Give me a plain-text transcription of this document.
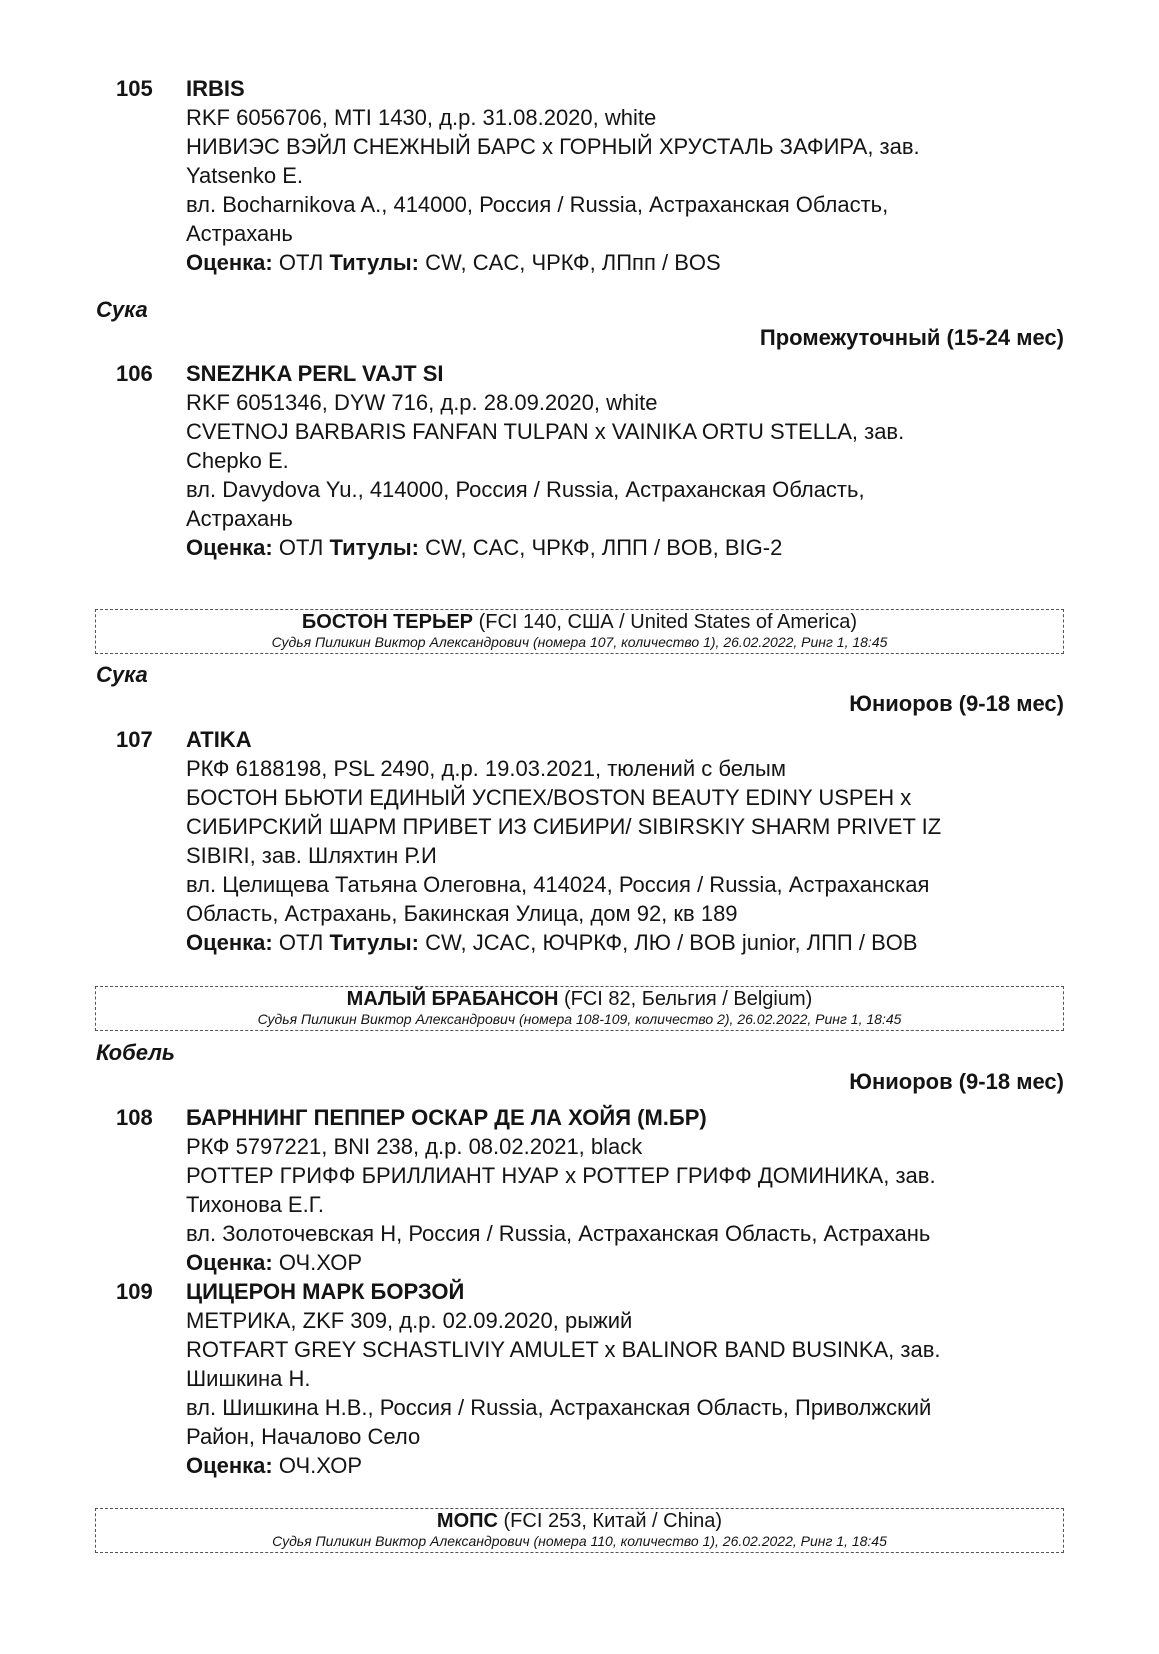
105 IRBIS
RKF 6056706, MTI 1430, д.р. 31.08.2020, white
НИВИЭС ВЭЙЛ СНЕЖНЫЙ БАРС х ГОРНЫЙ ХРУСТАЛЬ ЗАФИРА, зав.
Yatsenko E.
вл. Bocharnikova A., 414000, Россия / Russia, Астраханская Область,
Астрахань
Оценка: ОТЛ Титулы: CW, CAC, ЧРКФ, ЛПпп / BOS
Сука
Промежуточный (15-24 мес)
106 SNEZHKA PERL VAJT SI
RKF 6051346, DYW 716, д.р. 28.09.2020, white
CVETNOJ BARBARIS FANFAN TULPAN x VAINIKA ORTU STELLA, зав.
Chepko E.
вл. Davydova Yu., 414000, Россия / Russia, Астраханская Область,
Астрахань
Оценка: ОТЛ Титулы: CW, CAC, ЧРКФ, ЛПП / BOB, BIG-2
БОСТОН ТЕРЬЕР (FCI 140, США / United States of America)
Судья Пиликин Виктор Александрович (номера 107, количество 1), 26.02.2022, Ринг 1, 18:45
Сука
Юниоров (9-18 мес)
107 ATIKA
РКФ 6188198, PSL 2490, д.р. 19.03.2021, тюлений с белым
БОСТОН БЬЮТИ ЕДИНЫЙ УСПЕХ/BOSTON BEAUTY EDINY USPEH x
СИБИРСКИЙ ШАРМ ПРИВЕТ ИЗ СИБИРИ/ SIBIRSKIY SHARM PRIVET IZ
SIBIRI, зав. Шляхтин Р.И
вл. Целищева Татьяна Олеговна, 414024, Россия / Russia, Астраханская
Область, Астрахань, Бакинская Улица, дом 92, кв 189
Оценка: ОТЛ Титулы: CW, JCAC, ЮЧРКФ, ЛЮ / BOB junior, ЛПП / BOB
МАЛЫЙ БРАБАНСОН (FCI 82, Бельгия / Belgium)
Судья Пиликин Виктор Александрович (номера 108-109, количество 2), 26.02.2022, Ринг 1, 18:45
Кобель
Юниоров (9-18 мес)
108 БАРННИНГ ПЕППЕР ОСКАР ДЕ ЛА ХОЙЯ (М.БР)
РКФ 5797221, BNI 238, д.р. 08.02.2021, black
РОТТЕР ГРИФФ БРИЛЛИАНТ НУАР х РОТТЕР ГРИФФ ДОМИНИКА, зав.
Тихонова Е.Г.
вл. Золоточевская Н, Россия / Russia, Астраханская Область, Астрахань
Оценка: ОЧ.ХОР
109 ЦИЦЕРОН МАРК БОРЗОЙ
МЕТРИКА, ZKF 309, д.р. 02.09.2020, рыжий
ROTFART GREY SCHASTLIVIY AMULET x BALINOR BAND BUSINKA, зав.
Шишкина Н.
вл. Шишкина Н.В., Россия / Russia, Астраханская Область, Приволжский
Район, Началово Село
Оценка: ОЧ.ХОР
МОПС (FCI 253, Китай / China)
Судья Пиликин Виктор Александрович (номера 110, количество 1), 26.02.2022, Ринг 1, 18:45
